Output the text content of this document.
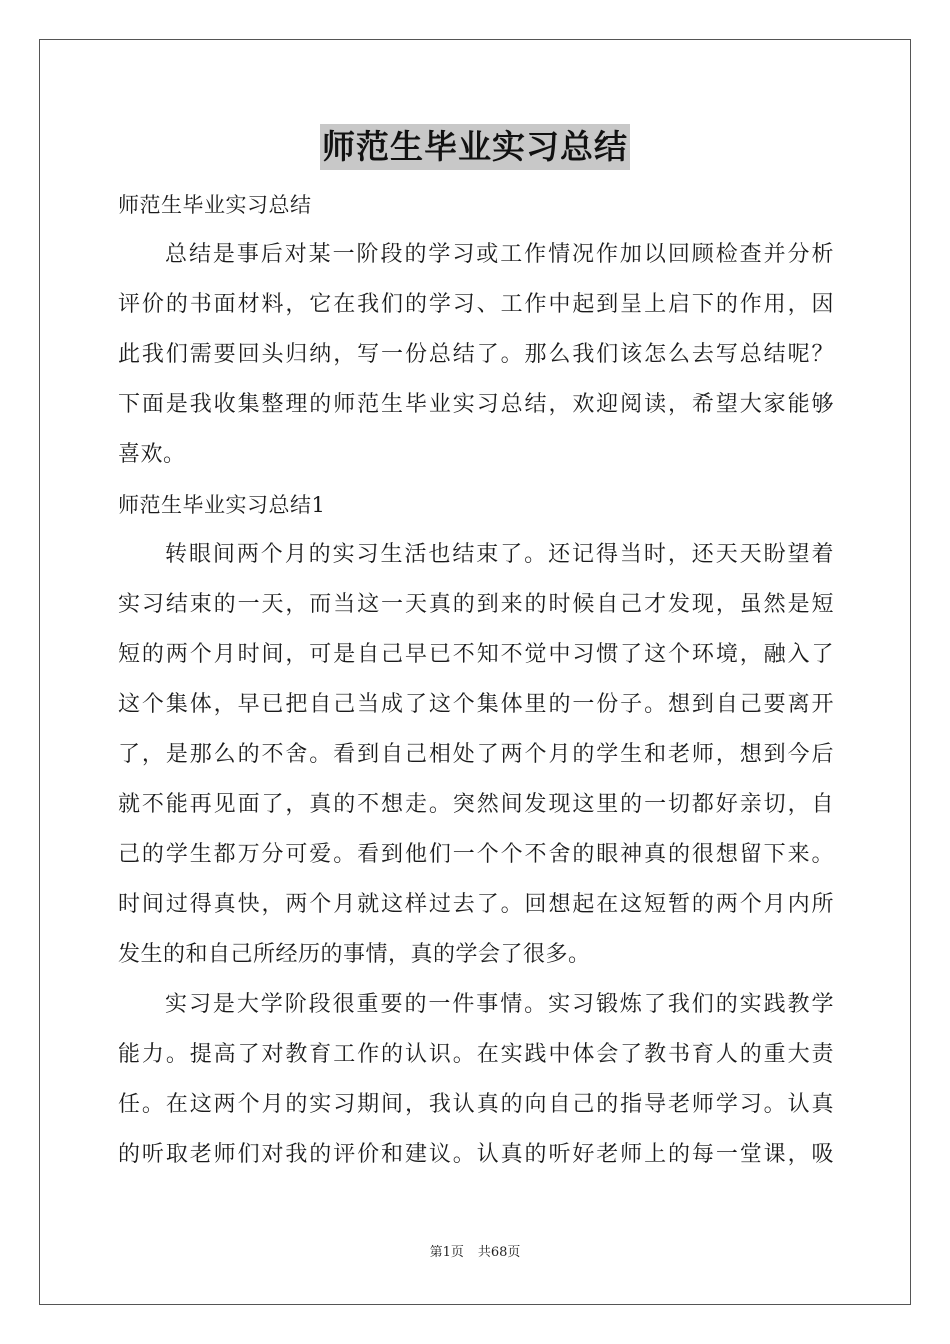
师范生毕业实习总结
师范生毕业实习总结
总结是事后对某一阶段的学习或工作情况作加以回顾检查并分析
评价的书面材料，它在我们的学习、工作中起到呈上启下的作用，因
此我们需要回头归纳，写一份总结了。那么我们该怎么去写总结呢？
下面是我收集整理的师范生毕业实习总结，欢迎阅读，希望大家能够
喜欢。
师范生毕业实习总结1
转眼间两个月的实习生活也结束了。还记得当时，还天天盼望着
实习结束的一天，而当这一天真的到来的时候自己才发现，虽然是短
短的两个月时间，可是自己早已不知不觉中习惯了这个环境，融入了
这个集体，早已把自己当成了这个集体里的一份子。想到自己要离开
了，是那么的不舍。看到自己相处了两个月的学生和老师，想到今后
就不能再见面了，真的不想走。突然间发现这里的一切都好亲切，自
己的学生都万分可爱。看到他们一个个不舍的眼神真的很想留下来。
时间过得真快，两个月就这样过去了。回想起在这短暂的两个月内所
发生的和自己所经历的事情，真的学会了很多。
实习是大学阶段很重要的一件事情。实习锻炼了我们的实践教学
能力。提高了对教育工作的认识。在实践中体会了教书育人的重大责
任。在这两个月的实习期间，我认真的向自己的指导老师学习。认真
的听取老师们对我的评价和建议。认真的听好老师上的每一堂课，吸
第1页 共68页
